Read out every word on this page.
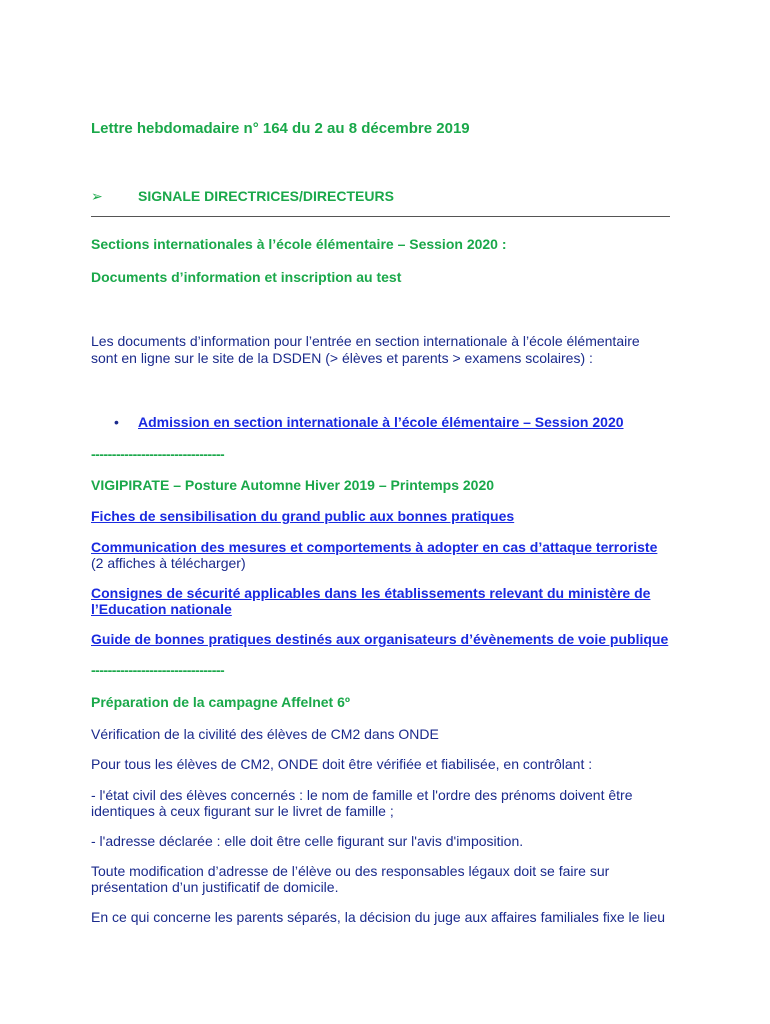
Lettre hebdomadaire n° 164 du 2 au 8 décembre 2019
➢	SIGNALE DIRECTRICES/DIRECTEURS
Sections internationales à l’école élémentaire – Session 2020 :
Documents d’information et inscription au test
Les documents d’information pour l’entrée en section internationale à l’école élémentaire
sont en ligne sur le site de la DSDEN (> élèves et parents > examens scolaires) :
• Admission en section internationale à l’école élémentaire – Session 2020
--------------------------------
VIGIPIRATE – Posture Automne Hiver 2019 – Printemps 2020
Fiches de sensibilisation du grand public aux bonnes pratiques
Communication des mesures et comportements à adopter en cas d’attaque terroriste
(2 affiches à télécharger)
Consignes de sécurité applicables dans les établissements relevant du ministère de
l’Education nationale
Guide de bonnes pratiques destinés aux organisateurs d’évènements de voie publique
--------------------------------
Préparation de la campagne Affelnet 6º
Vérification de la civilité des élèves de CM2 dans ONDE
Pour tous les élèves de CM2, ONDE doit être vérifiée et fiabilisée, en contrôlant :
- l'état civil des élèves concernés : le nom de famille et l'ordre des prénoms doivent être
identiques à ceux figurant sur le livret de famille ;
- l'adresse déclarée : elle doit être celle figurant sur l'avis d'imposition.
Toute modification d’adresse de l’élève ou des responsables légaux doit se faire sur
présentation d’un justificatif de domicile.
En ce qui concerne les parents séparés, la décision du juge aux affaires familiales fixe le lieu
